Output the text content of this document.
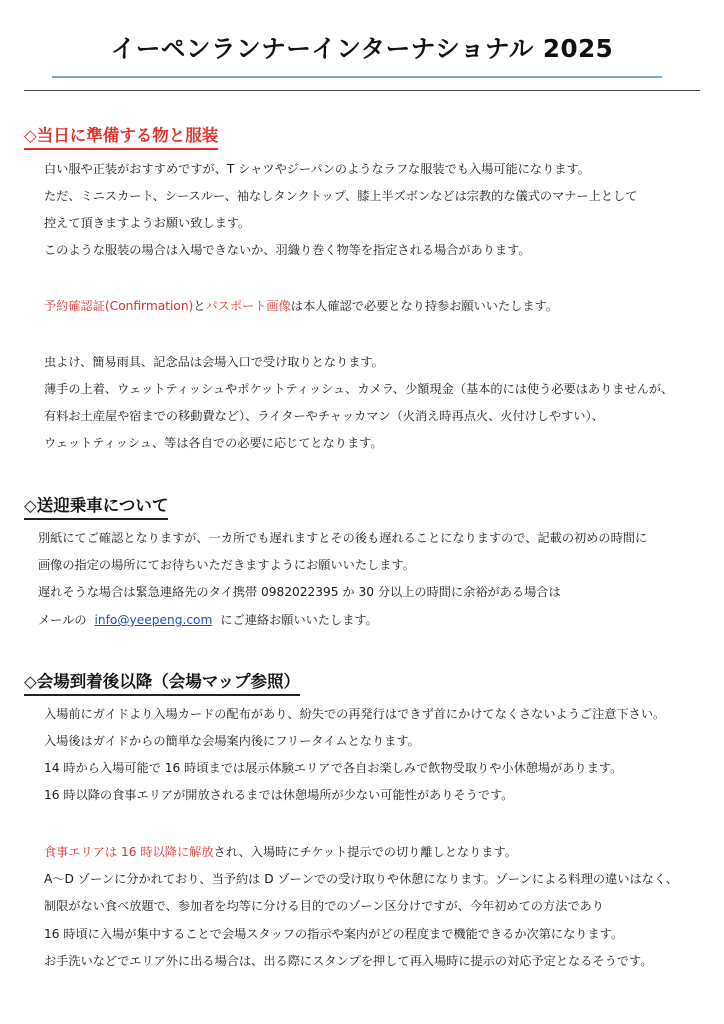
イーペンランナーインターナショナル 2025
◇当日に準備する物と服装
白い服や正装がおすすめですが、T シャツやジーパンのようなラフな服装でも入場可能になります。
ただ、ミニスカート、シースルー、袖なしタンクトップ、膝上半ズボンなどは宗教的な儀式のマナー上として
控えて頂きますようお願い致します。
このような服装の場合は入場できないか、羽織り巻く物等を指定される場合があります。
予約確認証(Confirmation)とパスポート画像は本人確認で必要となり持参お願いいたします。
虫よけ、簡易雨具、記念品は会場入口で受け取りとなります。
薄手の上着、ウェットティッシュやポケットティッシュ、カメラ、少額現金（基本的には使う必要はありませんが、
有料お土産屋や宿までの移動費など）、ライターやチャッカマン（火消え時再点火、火付けしやすい）、
ウェットティッシュ、等は各自での必要に応じてとなります。
◇送迎乗車について
別紙にてご確認となりますが、一カ所でも遅れますとその後も遅れることになりますので、記載の初めの時間に
画像の指定の場所にてお待ちいただきますようにお願いいたします。
遅れそうな場合は緊急連絡先のタイ携帯 0982022395 か 30 分以上の時間に余裕がある場合は
メールの info@yeepeng.com にご連絡お願いいたします。
◇会場到着後以降（会場マップ参照）
入場前にガイドより入場カードの配布があり、紛失での再発行はできず首にかけてなくさないようご注意下さい。
入場後はガイドからの簡単な会場案内後にフリータイムとなります。
14 時から入場可能で 16 時頃までは展示体験エリアで各自お楽しみで飲物受取りや小休憩場があります。
16 時以降の食事エリアが開放されるまでは休憩場所が少ない可能性がありそうです。
食事エリアは 16 時以降に解放され、入場時にチケット提示での切り離しとなります。
A～D ゾーンに分かれており、当予約は D ゾーンでの受け取りや休憩になります。ゾーンによる料理の違いはなく、
制限がない食べ放題で、参加者を均等に分ける目的でのゾーン区分けですが、今年初めての方法であり
16 時頃に入場が集中することで会場スタッフの指示や案内がどの程度まで機能できるか次第になります。
お手洗いなどでエリア外に出る場合は、出る際にスタンプを押して再入場時に提示の対応予定となるそうです。
